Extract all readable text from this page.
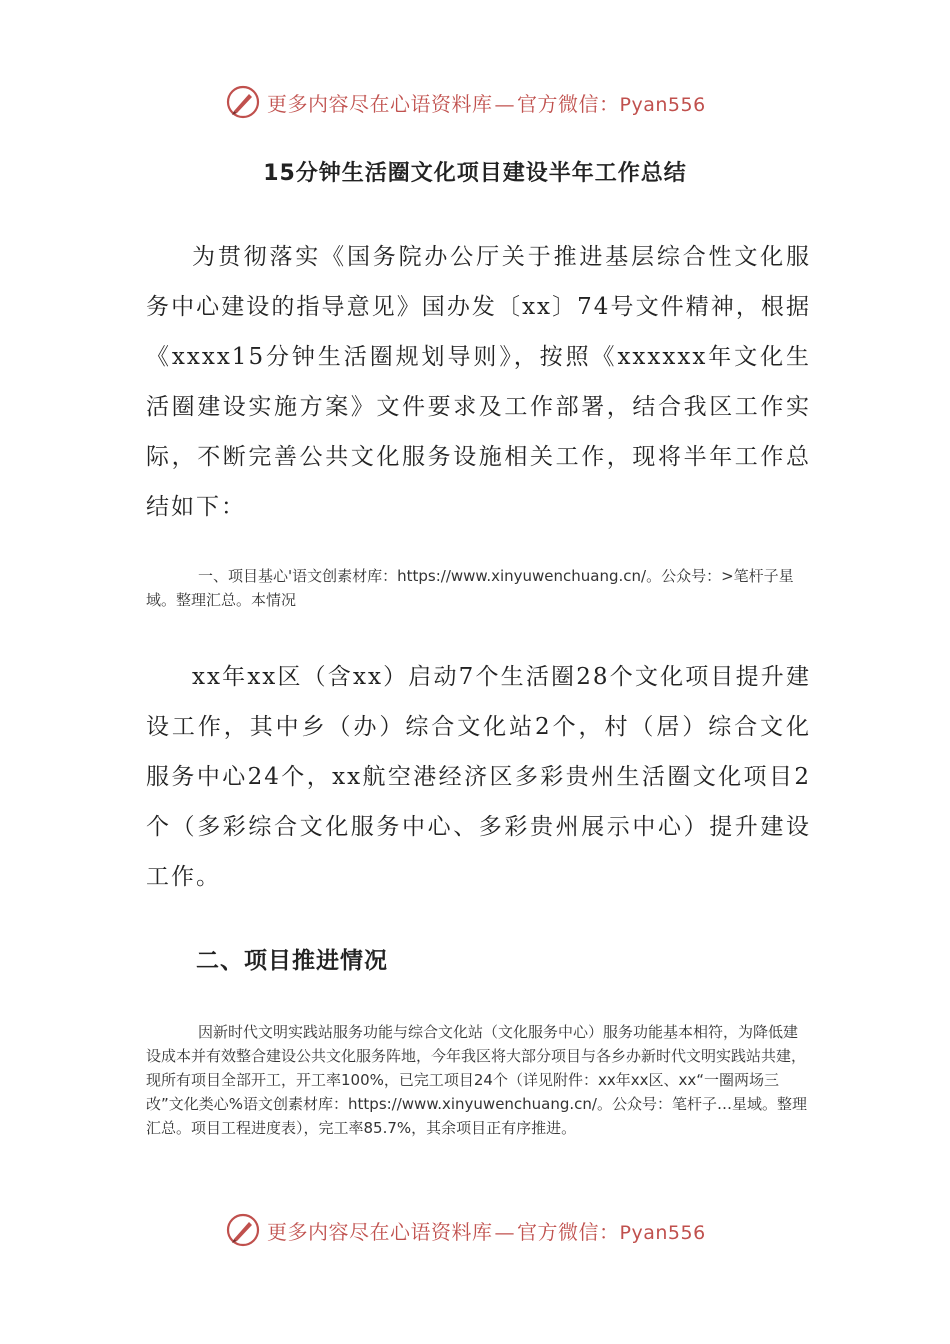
更多内容尽在心语资料库 — 官方微信：Pyan556
15分钟生活圈文化项目建设半年工作总结

为贯彻落实《国务院办公厅关于推进基层综合性文化服务中心建设的指导意见》国办发〔xx〕74号文件精神，根据《xxxx15分钟生活圈规划导则》，按照《xxxxxx年文化生活圈建设实施方案》文件要求及工作部署，结合我区工作实际，不断完善公共文化服务设施相关工作，现将半年工作总结如下：

一、项目基心'语文创素材库：https://www.xinyuwenchuang.cn/。公众号：>笔杆子星域。整理汇总。本情况

xx年xx区（含xx）启动7个生活圈28个文化项目提升建设工作，其中乡（办）综合文化站2个，村（居）综合文化服务中心24个，xx航空港经济区多彩贵州生活圈文化项目2个（多彩综合文化服务中心、多彩贵州展示中心）提升建设工作。

二、项目推进情况

因新时代文明实践站服务功能与综合文化站（文化服务中心）服务功能基本相符，为降低建设成本并有效整合建设公共文化服务阵地，今年我区将大部分项目与各乡办新时代文明实践站共建，现所有项目全部开工，开工率100%，已完工项目24个（详见附件：xx年xx区、xx“一圈两场三改”文化类心%语文创素材库：https://www.xinyuwenchuang.cn/。公众号：笔杆子…星域。整理汇总。项目工程进度表），完工率85.7%，其余项目正有序推进。

更多内容尽在心语资料库 — 官方微信：Pyan556
